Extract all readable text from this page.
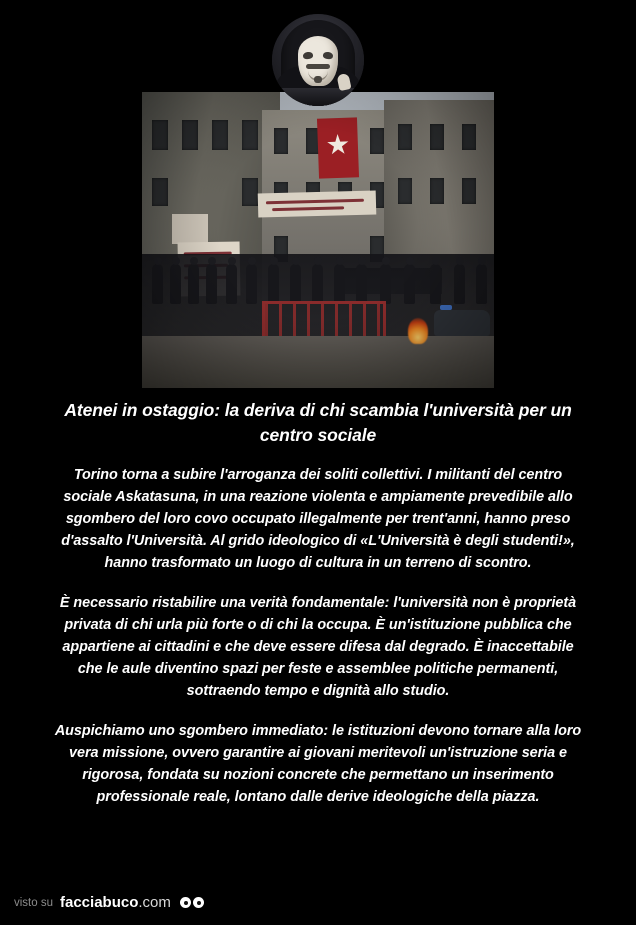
Atenei in ostaggio: la deriva di chi scambia l'università per un centro sociale

Torino torna a subire l'arroganza dei soliti collettivi. I militanti del centro sociale Askatasuna, in una reazione violenta e ampiamente prevedibile allo sgombero del loro covo occupato illegalmente per trent'anni, hanno preso d'assalto l'Università. Al grido ideologico di «L'Università è degli studenti!», hanno trasformato un luogo di cultura in un terreno di scontro.

È necessario ristabilire una verità fondamentale: l'università non è proprietà privata di chi urla più forte o di chi la occupa. È un'istituzione pubblica che appartiene ai cittadini e che deve essere difesa dal degrado. È inaccettabile che le aule diventino spazi per feste e assemblee politiche permanenti, sottraendo tempo e dignità allo studio.

Auspichiamo uno sgombero immediato: le istituzioni devono tornare alla loro vera missione, ovvero garantire ai giovani meritevoli un'istruzione seria e rigorosa, fondata su nozioni concrete che permettano un inserimento professionale reale, lontano dalle derive ideologiche della piazza.

visto su facciabuco.com
